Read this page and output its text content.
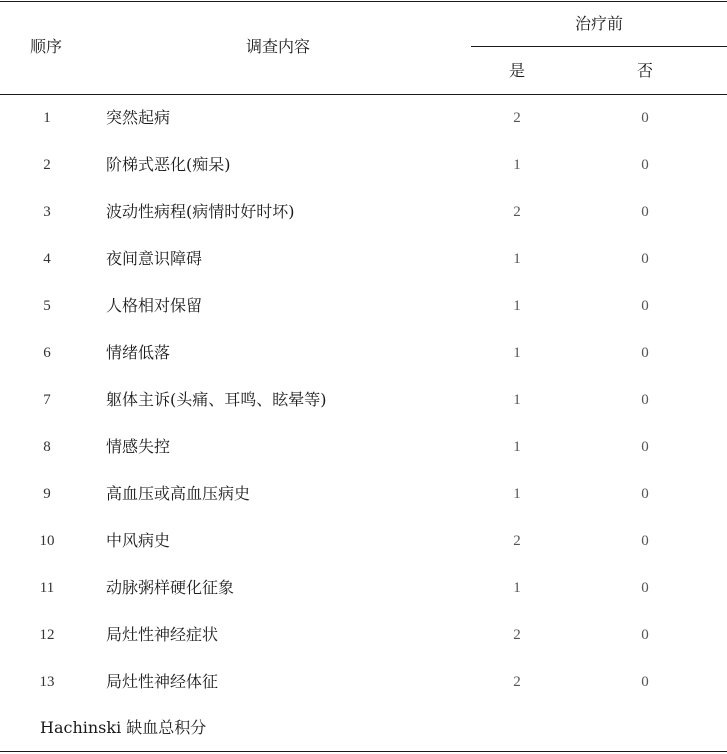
顺序	调查内容
治疗前
是	否
1	突然起病	2	0
2	阶梯式恶化(痴呆)	1	0
3	波动性病程(病情时好时坏)	2	0
4	夜间意识障碍	1	0
5	人格相对保留	1	0
6	情绪低落	1	0
7	躯体主诉(头痛、耳鸣、眩晕等)	1	0
8	情感失控	1	0
9	高血压或高血压病史	1	0
10	中风病史	2	0
11	动脉粥样硬化征象	1	0
12	局灶性神经症状	2	0
13	局灶性神经体征	2	0
Hachinski 缺血总积分
